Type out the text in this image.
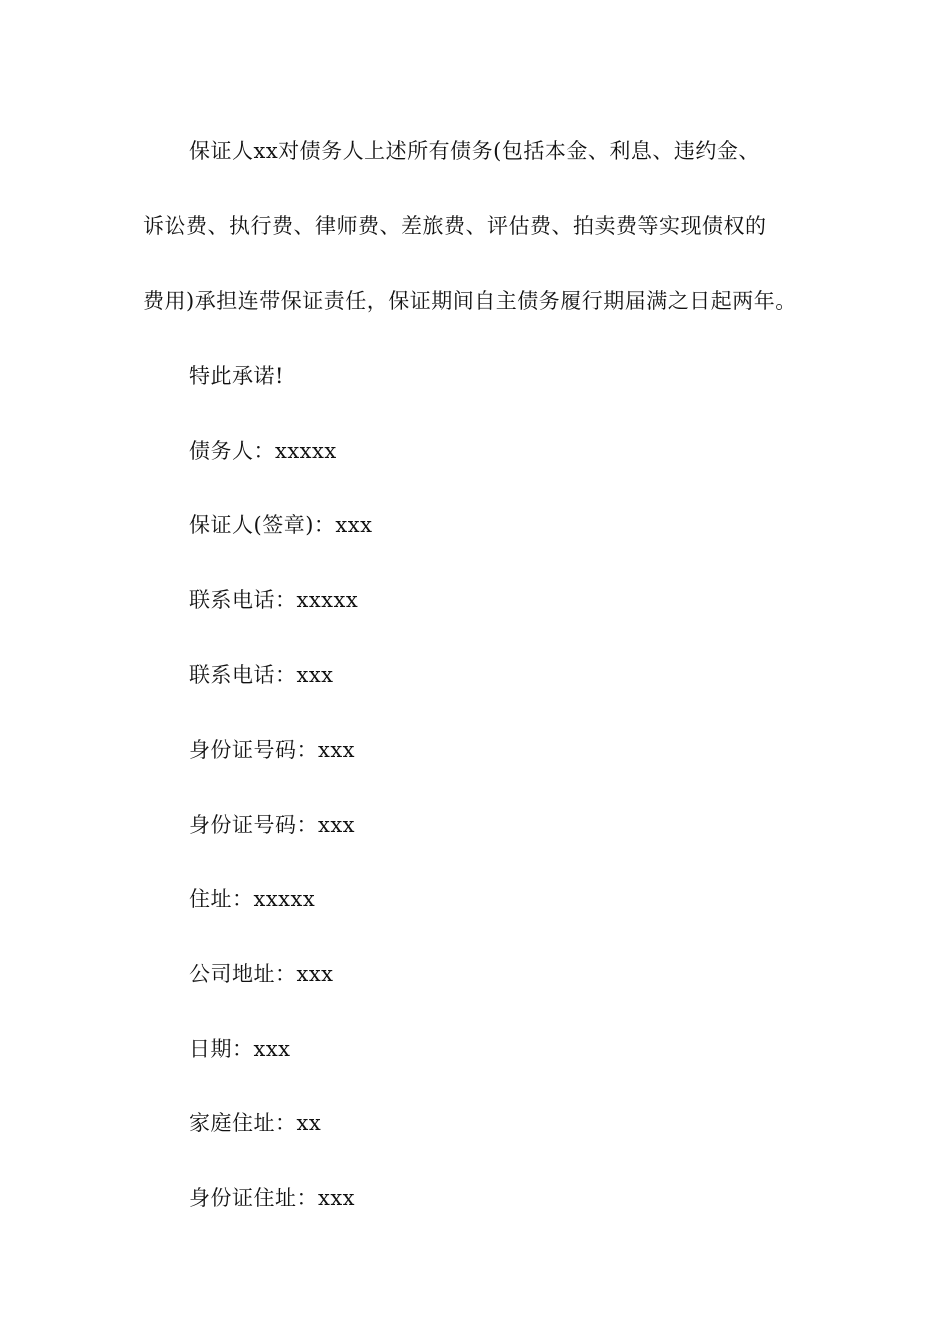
保证人xx对债务人上述所有债务(包括本金、利息、违约金、
诉讼费、执行费、律师费、差旅费、评估费、拍卖费等实现债权的
费用)承担连带保证责任，保证期间自主债务履行期届满之日起两年。
特此承诺!
债务人：xxxxx
保证人(签章)：xxx
联系电话：xxxxx
联系电话：xxx
身份证号码：xxx
身份证号码：xxx
住址：xxxxx
公司地址：xxx
日期：xxx
家庭住址：xx
身份证住址：xxx
